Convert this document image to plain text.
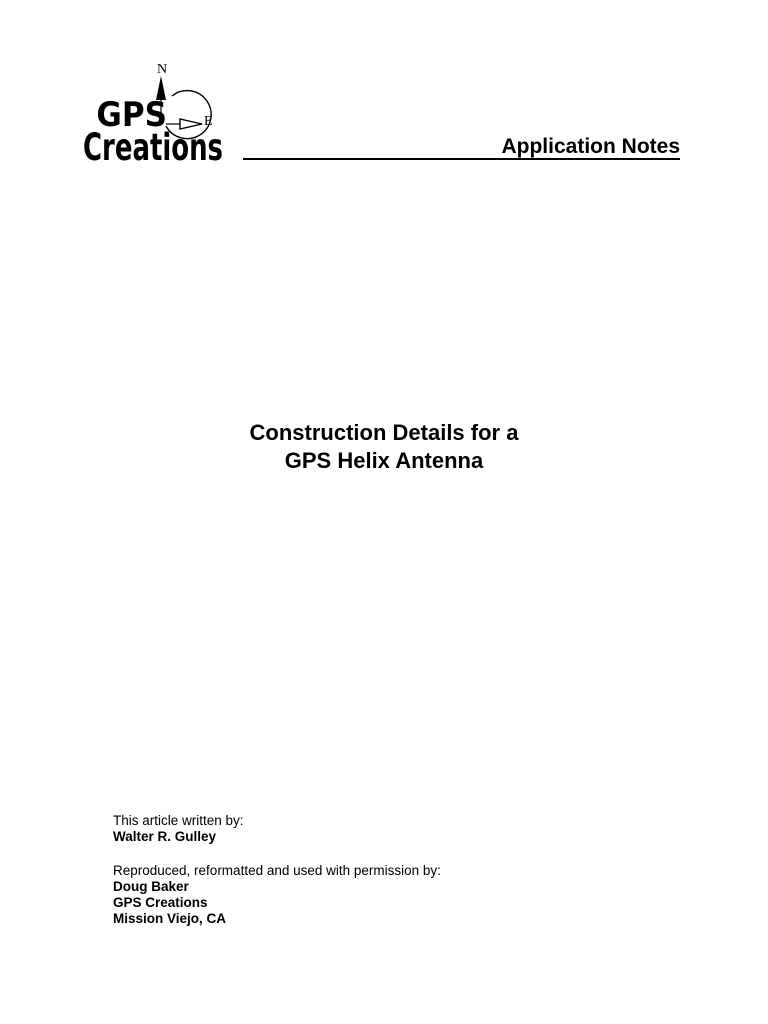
N
E
GPS
Creations	Application Notes
Construction Details for a
GPS Helix Antenna
This article written by:
Walter R. Gulley
Reproduced, reformatted and used with permission by:
Doug Baker
GPS Creations
Mission Viejo, CA
